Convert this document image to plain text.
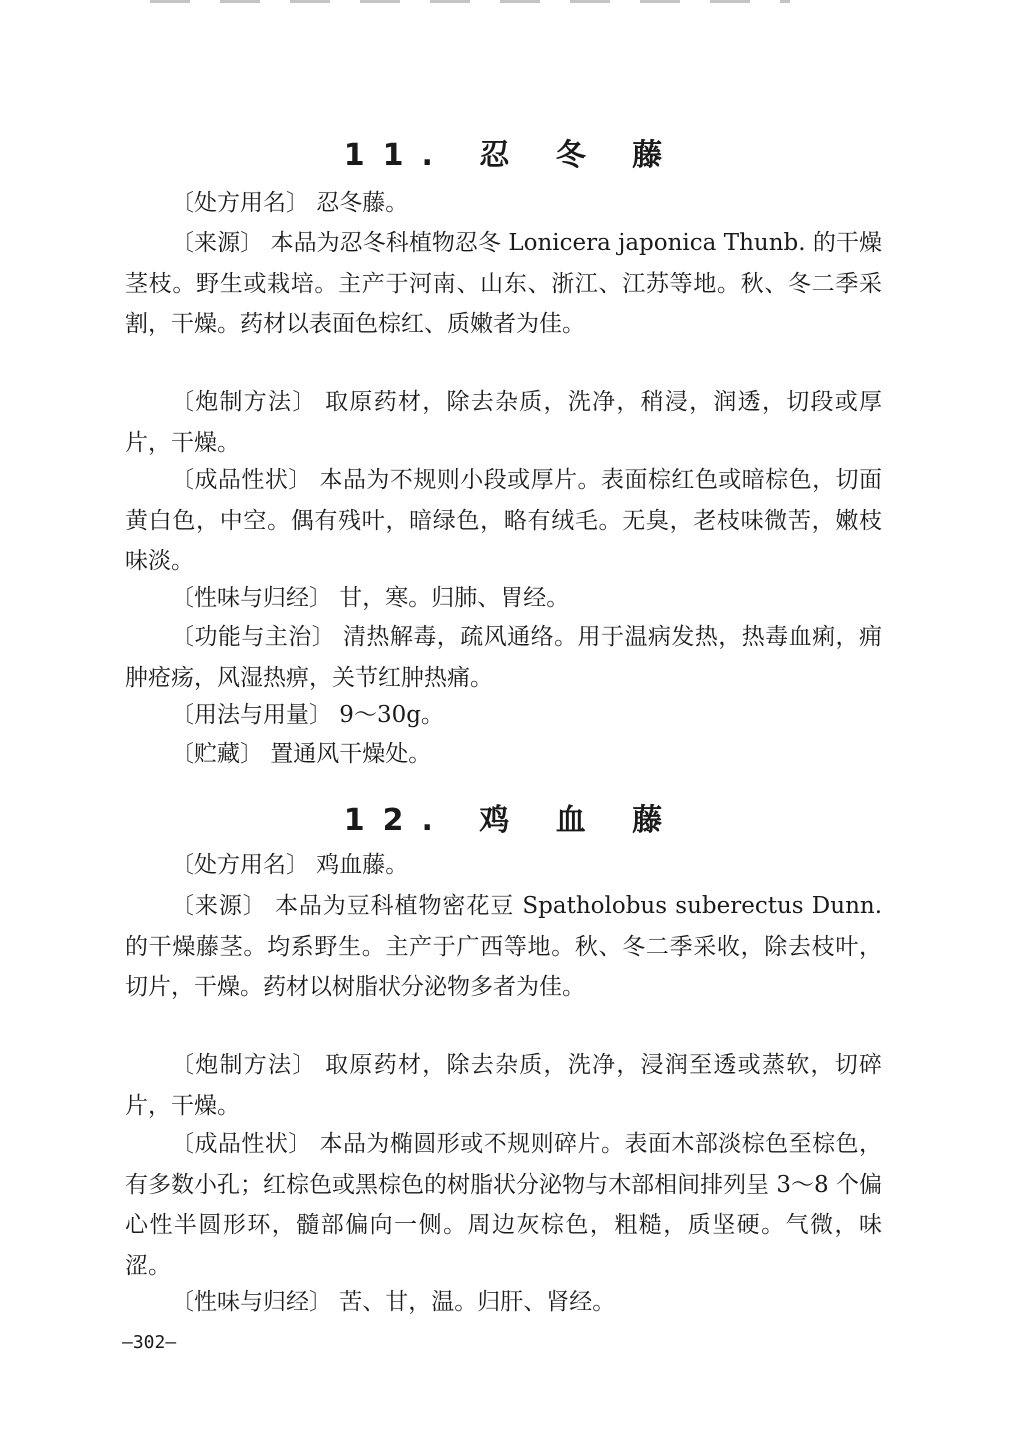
11. 忍 冬 藤

〔处方用名〕 忍冬藤。

〔来源〕 本品为忍冬科植物忍冬 Lonicera japonica Thunb. 的干燥茎枝。野生或栽培。主产于河南、山东、浙江、江苏等地。秋、冬二季采割，干燥。药材以表面色棕红、质嫩者为佳。

〔炮制方法〕 取原药材，除去杂质，洗净，稍浸，润透，切段或厚片，干燥。

〔成品性状〕 本品为不规则小段或厚片。表面棕红色或暗棕色，切面黄白色，中空。偶有残叶，暗绿色，略有绒毛。无臭，老枝味微苦，嫩枝味淡。

〔性味与归经〕 甘，寒。归肺、胃经。

〔功能与主治〕 清热解毒，疏风通络。用于温病发热，热毒血痢，痈肿疮疡，风湿热痹，关节红肿热痛。

〔用法与用量〕 9～30g。

〔贮藏〕 置通风干燥处。

12. 鸡 血 藤

〔处方用名〕 鸡血藤。

〔来源〕 本品为豆科植物密花豆 Spatholobus suberectus Dunn. 的干燥藤茎。均系野生。主产于广西等地。秋、冬二季采收，除去枝叶，切片，干燥。药材以树脂状分泌物多者为佳。

〔炮制方法〕 取原药材，除去杂质，洗净，浸润至透或蒸软，切碎片，干燥。

〔成品性状〕 本品为椭圆形或不规则碎片。表面木部淡棕色至棕色，有多数小孔；红棕色或黑棕色的树脂状分泌物与木部相间排列呈 3～8 个偏心性半圆形环，髓部偏向一侧。周边灰棕色，粗糙，质坚硬。气微，味涩。

〔性味与归经〕 苦、甘，温。归肝、肾经。

—302—
